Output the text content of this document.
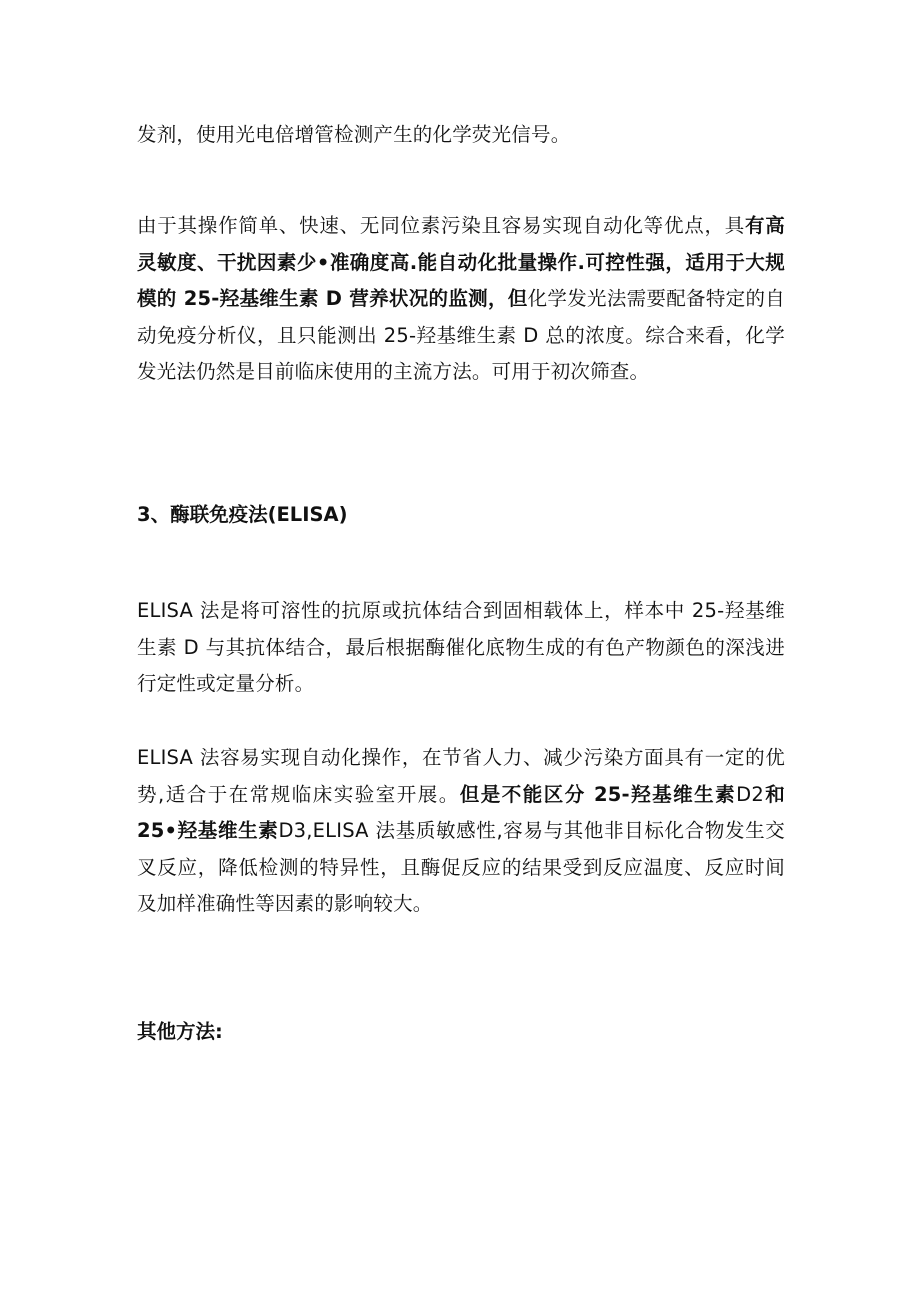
发剂，使用光电倍增管检测产生的化学荧光信号。

由于其操作简单、快速、无同位素污染且容易实现自动化等优点，具有高灵敏度、干扰因素少•准确度高.能自动化批量操作.可控性强，适用于大规模的 25-羟基维生素 D 营养状况的监测，但化学发光法需要配备特定的自动免疫分析仪，且只能测出 25-羟基维生素 D 总的浓度。综合来看，化学发光法仍然是目前临床使用的主流方法。可用于初次筛查。

3、酶联免疫法(ELISA)

ELISA 法是将可溶性的抗原或抗体结合到固相载体上，样本中 25-羟基维生素 D 与其抗体结合，最后根据酶催化底物生成的有色产物颜色的深浅进行定性或定量分析。

ELISA 法容易实现自动化操作，在节省人力、减少污染方面具有一定的优势,适合于在常规临床实验室开展。但是不能区分 25-羟基维生素D2和 25•羟基维生素D3,ELISA 法基质敏感性,容易与其他非目标化合物发生交叉反应，降低检测的特异性，且酶促反应的结果受到反应温度、反应时间及加样准确性等因素的影响较大。

其他方法:
